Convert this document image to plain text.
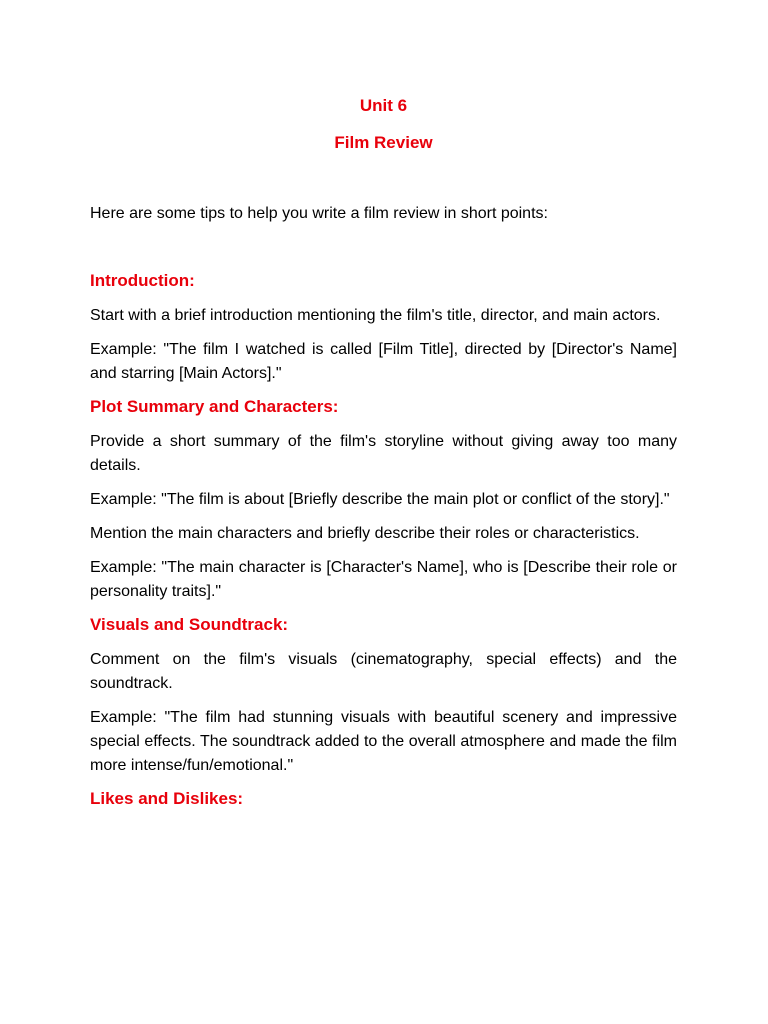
Unit 6
Film Review

Here are some tips to help you write a film review in short points:

Introduction:

Start with a brief introduction mentioning the film's title, director, and main actors.

Example: "The film I watched is called [Film Title], directed by [Director's Name] and starring [Main Actors]."

Plot Summary and Characters:

Provide a short summary of the film's storyline without giving away too many details.

Example: "The film is about [Briefly describe the main plot or conflict of the story]."

Mention the main characters and briefly describe their roles or characteristics.

Example: "The main character is [Character's Name], who is [Describe their role or personality traits]."

Visuals and Soundtrack:

Comment on the film's visuals (cinematography, special effects) and the soundtrack.

Example: "The film had stunning visuals with beautiful scenery and impressive special effects. The soundtrack added to the overall atmosphere and made the film more intense/fun/emotional."

Likes and Dislikes:
